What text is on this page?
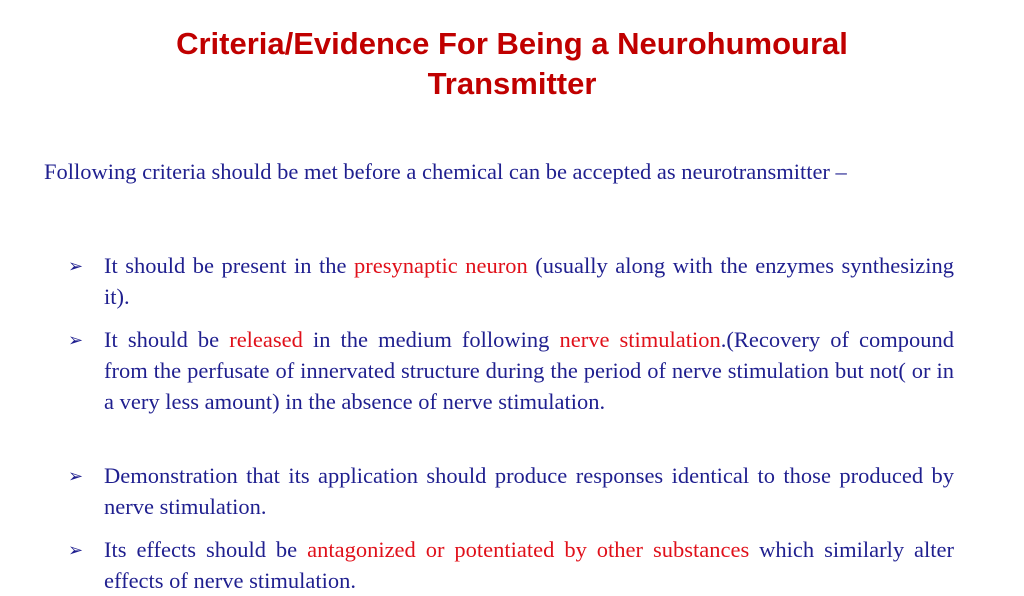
Criteria/Evidence For Being a Neurohumoural Transmitter
Following criteria should be met before a chemical can be accepted as neurotransmitter –
➢ It should be present in the presynaptic neuron (usually along with the enzymes synthesizing it).
➢ It should be released in the medium following nerve stimulation.(Recovery of compound from the perfusate of innervated structure during the period of nerve stimulation but not( or in a very less amount) in the absence of nerve stimulation.
➢ Demonstration that its application should produce responses identical to those produced by nerve stimulation.
➢ Its effects should be antagonized or potentiated by other substances which similarly alter effects of nerve stimulation.
